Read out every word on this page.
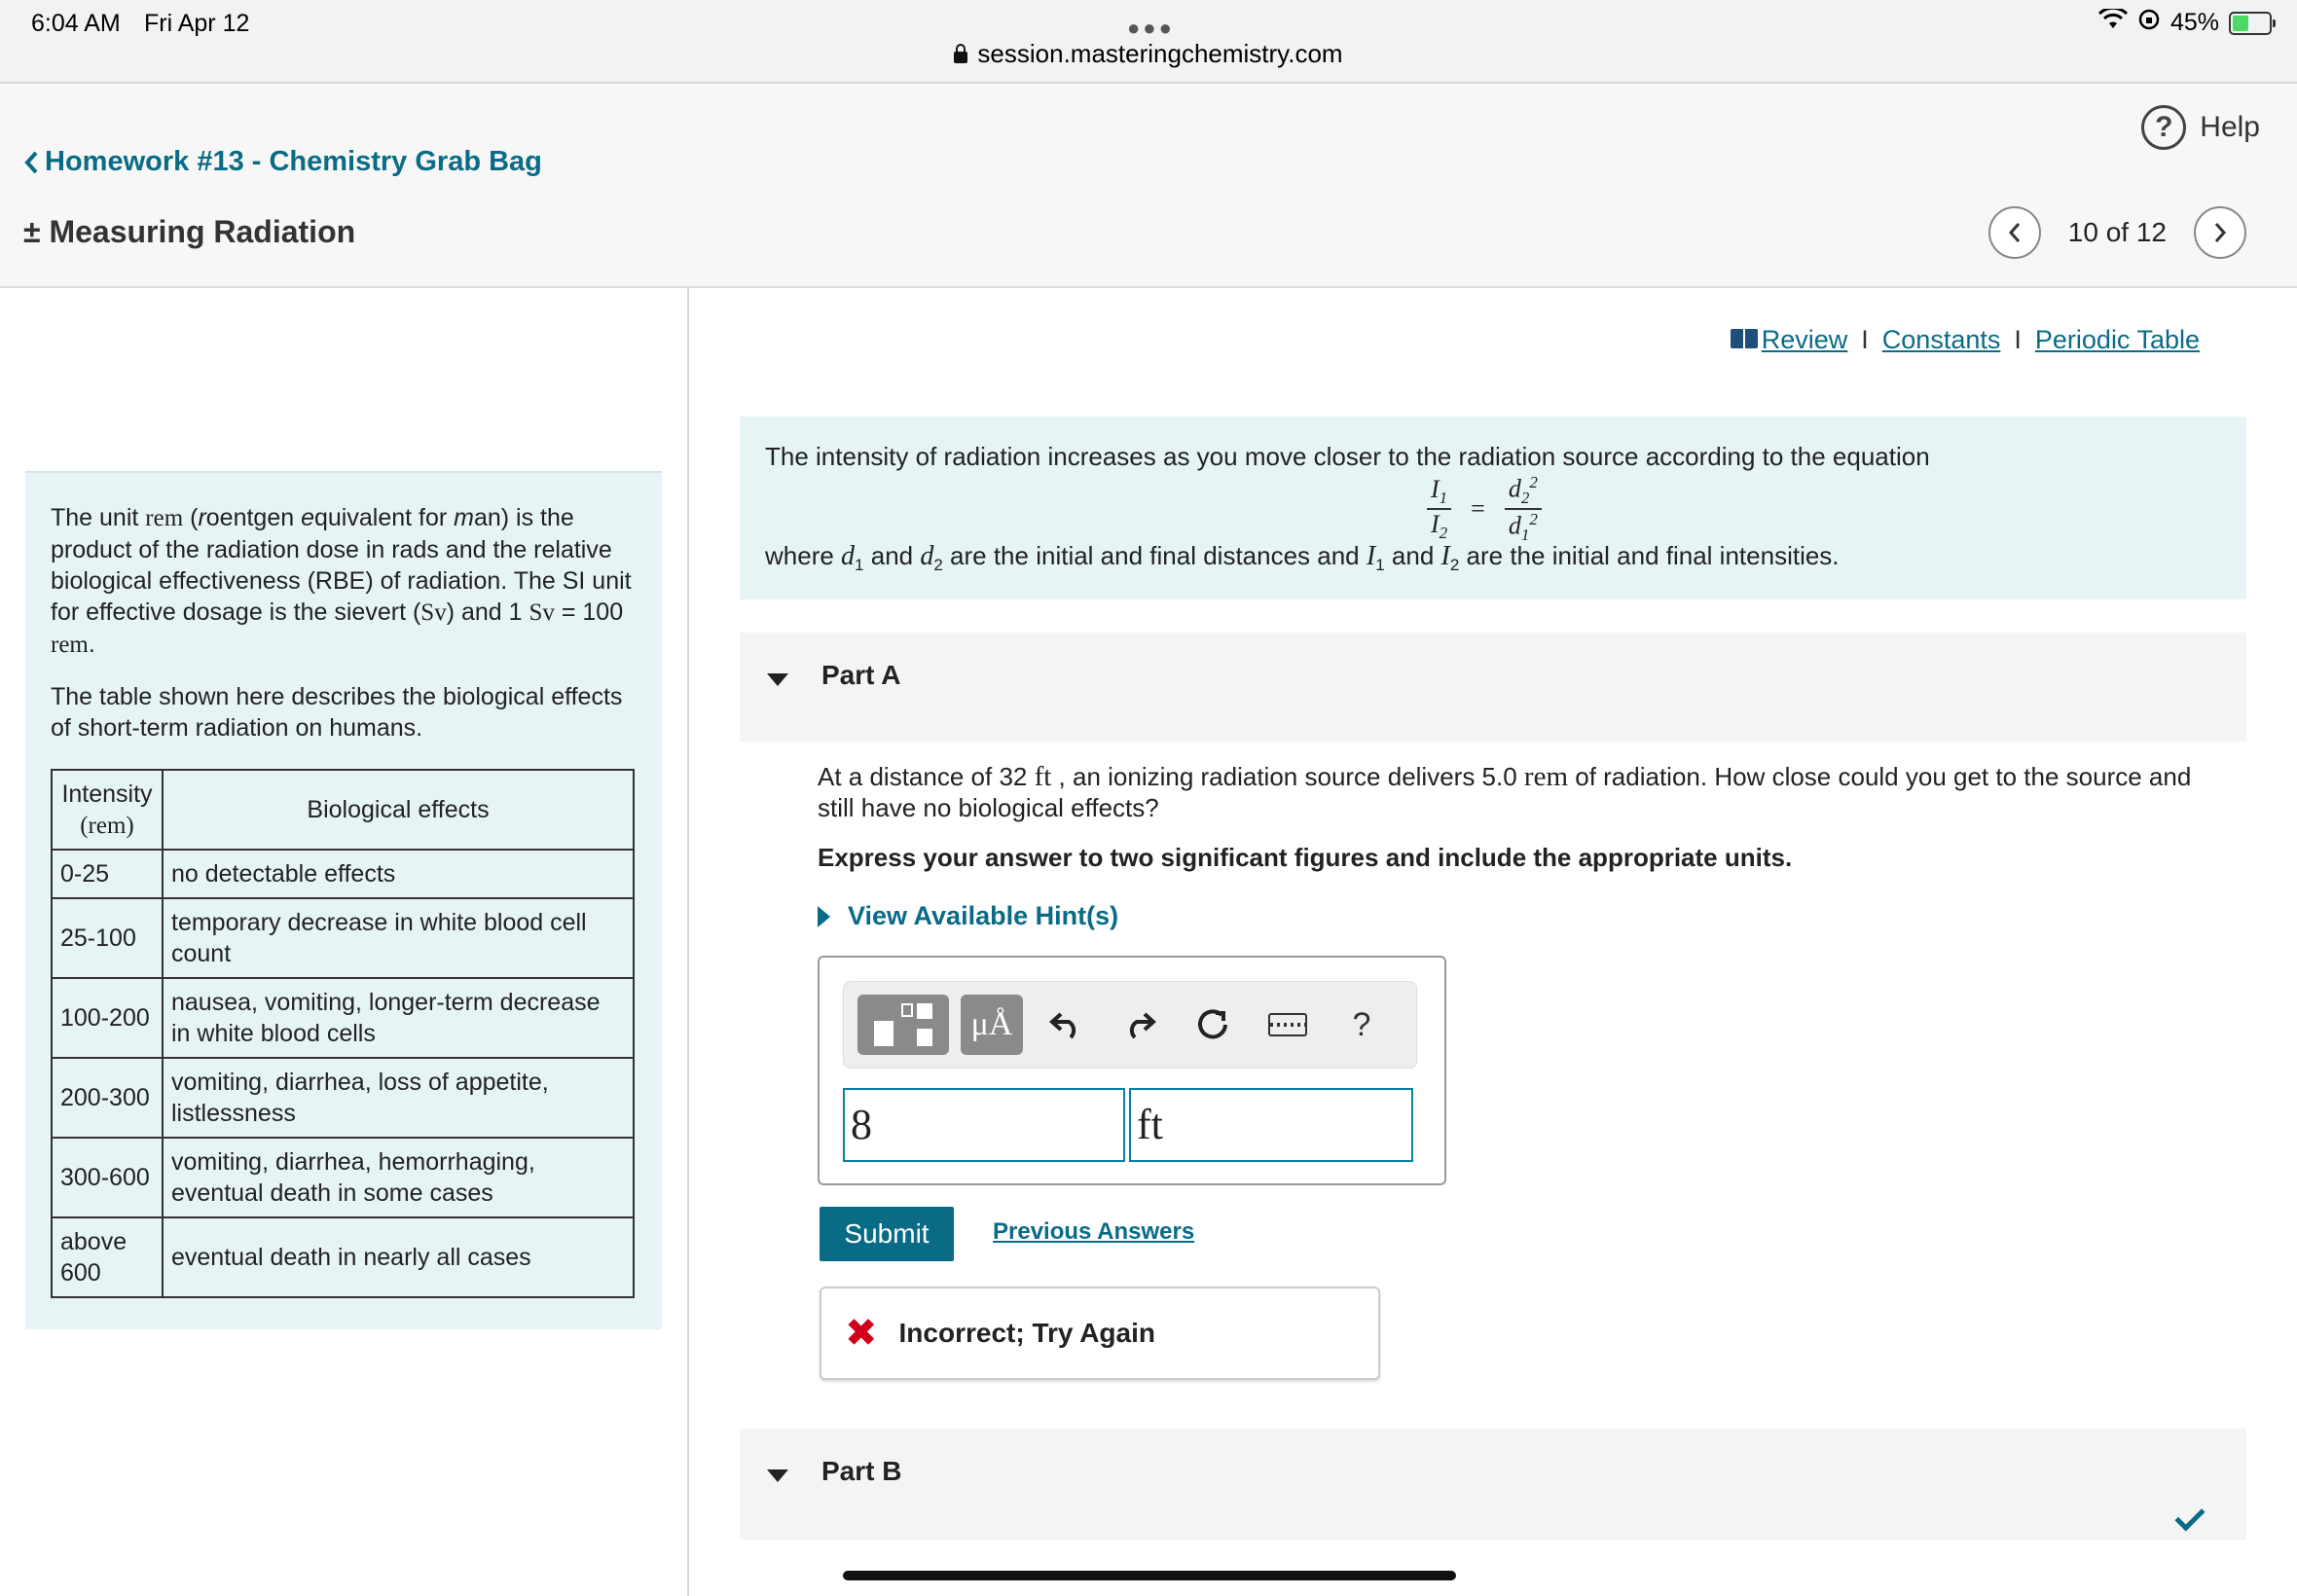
6:04 AM Fri Apr 12	●●●
session.masteringchemistry.com
45%
? Help
Homework #13 - Chemistry Grab Bag
± Measuring Radiation	10 of 12

The unit rem (roentgen equivalent for man) is the product of the radiation dose in rads and the relative biological effectiveness (RBE) of radiation. The SI unit for effective dosage is the sievert (Sv) and 1 Sv = 100 rem.

The table shown here describes the biological effects of short-term radiation on humans.

Intensity
(rem)	Biological effects
0-25	no detectable effects
25-100	temporary decrease in white blood cell count
100-200	nausea, vomiting, longer-term decrease in white blood cells
200-300	vomiting, diarrhea, loss of appetite, listlessness
300-600	vomiting, diarrhea, hemorrhaging, eventual death in some cases
above 600	eventual death in nearly all cases
Review I Constants I Periodic Table
The intensity of radiation increases as you move closer to the radiation source according to the equation
$\frac{I_1}{I_2} = \frac{d_2^2}{d_1^2}$
where $d_1$ and $d_2$ are the initial and final distances and $I_1$ and $I_2$ are the initial and final intensities.
Part A

At a distance of 32 ft , an ionizing radiation source delivers 5.0 rem of radiation. How close could you get to the source and still have no biological effects?

Express your answer to two significant figures and include the appropriate units.

View Available Hint(s)
μÅ	?
8	ft
Submit	Previous Answers
✖ Incorrect; Try Again
Part B
